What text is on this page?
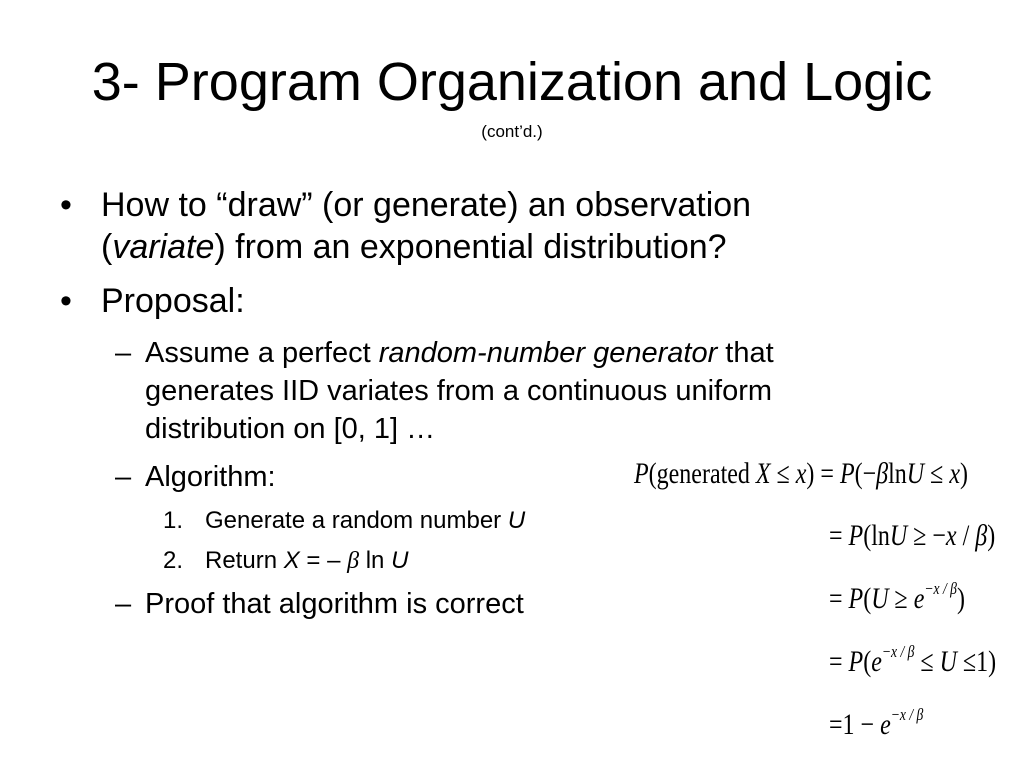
3- Program Organization and Logic
(cont’d.)
• How to “draw” (or generate) an observation
(variate) from an exponential distribution?
• Proposal:
– Assume a perfect random-number generator that
generates IID variates from a continuous uniform
distribution on [0, 1] …
– Algorithm:
1. Generate a random number U
2. Return X = – β ln U
– Proof that algorithm is correct
P(generated X ≤ x) = P(−βlnU ≤ x)
= P(lnU ≥ −x / β)
= $P(U \ge e^{-x / \beta})$
= $P(e^{-x / \beta} \le U \le 1)$
$=1 - e^{-x / \beta}$
